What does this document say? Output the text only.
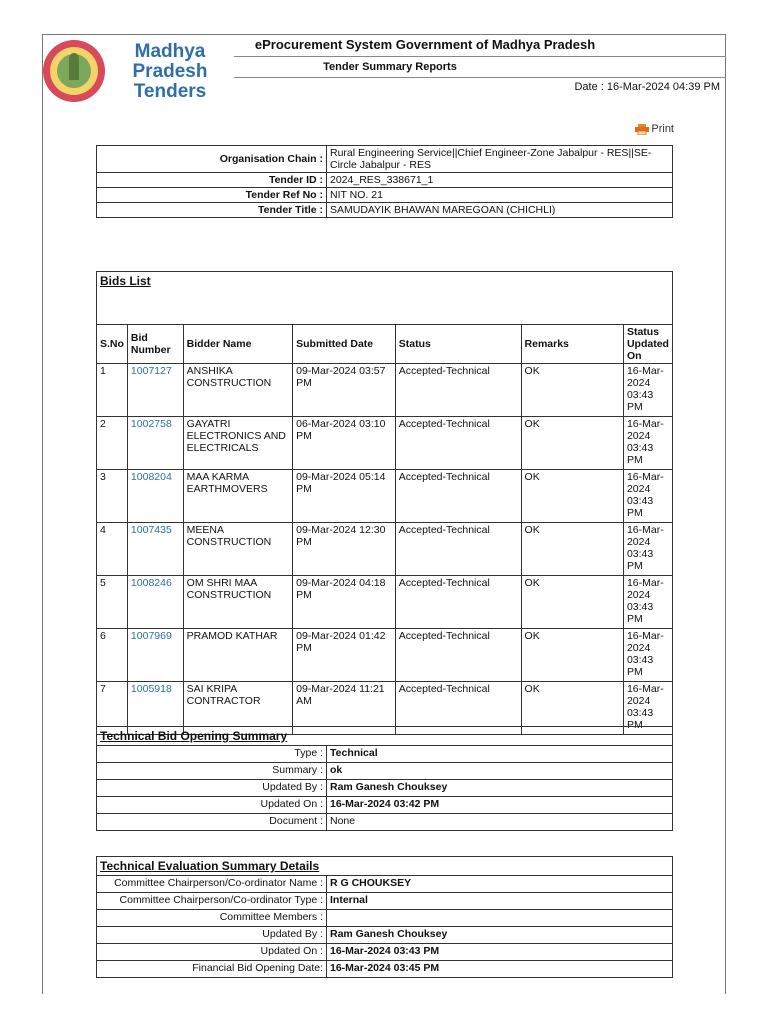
Madhya
Pradesh
Tenders
eProcurement System Government of Madhya Pradesh
Tender Summary Reports
Date : 16-Mar-2024 04:39 PM
Print
Organisation Chain :	Rural Engineering Service||Chief Engineer-Zone Jabalpur - RES||SE-Circle Jabalpur - RES
Tender ID :	2024_RES_338671_1
Tender Ref No :	NIT NO. 21
Tender Title :	SAMUDAYIK BHAWAN MAREGOAN (CHICHLI)
Bids List						
S.No	Bid Number	Bidder Name	Submitted Date	Status	Remarks	Status Updated On
1	1007127	ANSHIKA CONSTRUCTION	09-Mar-2024 03:57 PM	Accepted-Technical	OK	16-Mar-2024 03:43 PM
2	1002758	GAYATRI ELECTRONICS AND ELECTRICALS	06-Mar-2024 03:10 PM	Accepted-Technical	OK	16-Mar-2024 03:43 PM
3	1008204	MAA KARMA EARTHMOVERS	09-Mar-2024 05:14 PM	Accepted-Technical	OK	16-Mar-2024 03:43 PM
4	1007435	MEENA CONSTRUCTION	09-Mar-2024 12:30 PM	Accepted-Technical	OK	16-Mar-2024 03:43 PM
5	1008246	OM SHRI MAA CONSTRUCTION	09-Mar-2024 04:18 PM	Accepted-Technical	OK	16-Mar-2024 03:43 PM
6	1007969	PRAMOD KATHAR	09-Mar-2024 01:42 PM	Accepted-Technical	OK	16-Mar-2024 03:43 PM
7	1005918	SAI KRIPA CONTRACTOR	09-Mar-2024 11:21 AM	Accepted-Technical	OK	16-Mar-2024 03:43 PM
Technical Bid Opening Summary	
Type :	Technical
Summary :	ok
Updated By :	Ram Ganesh Chouksey
Updated On :	16-Mar-2024 03:42 PM
Document :	None
Technical Evaluation Summary Details	
Committee Chairperson/Co-ordinator Name :	R G CHOUKSEY
Committee Chairperson/Co-ordinator Type :	Internal
Committee Members :	
Updated By :	Ram Ganesh Chouksey
Updated On :	16-Mar-2024 03:43 PM
Financial Bid Opening Date:	16-Mar-2024 03:45 PM
